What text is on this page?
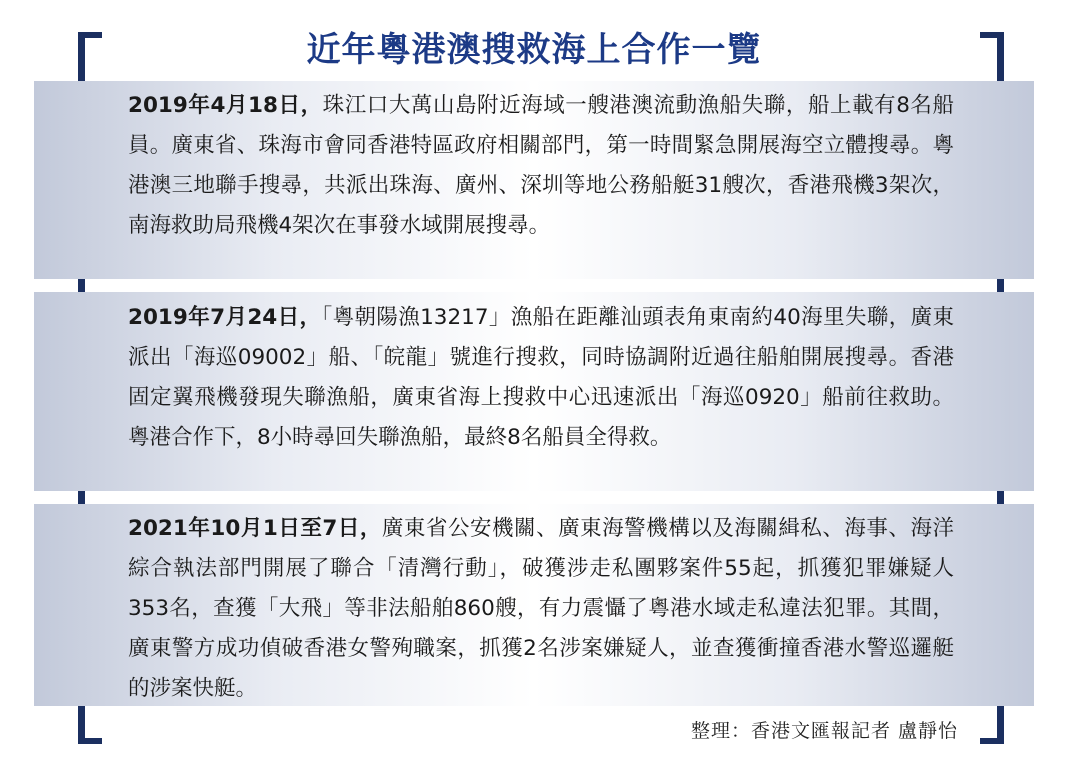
近年粵港澳搜救海上合作一覽
2019年4月18日，珠江口大萬山島附近海域一艘港澳流動漁船失聯，船上載有8名船員。廣東省、珠海市會同香港特區政府相關部門，第一時間緊急開展海空立體搜尋。粵港澳三地聯手搜尋，共派出珠海、廣州、深圳等地公務船艇31艘次，香港飛機3架次，南海救助局飛機4架次在事發水域開展搜尋。
2019年7月24日，「粵朝陽漁13217」漁船在距離汕頭表角東南約40海里失聯，廣東派出「海巡09002」船、「皖龍」號進行搜救，同時協調附近過往船舶開展搜尋。香港固定翼飛機發現失聯漁船，廣東省海上搜救中心迅速派出「海巡0920」船前往救助。粵港合作下，8小時尋回失聯漁船，最終8名船員全得救。
2021年10月1日至7日，廣東省公安機關、廣東海警機構以及海關緝私、海事、海洋綜合執法部門開展了聯合「清灣行動」，破獲涉走私團夥案件55起，抓獲犯罪嫌疑人353名，查獲「大飛」等非法船舶860艘，有力震懾了粵港水域走私違法犯罪。其間，廣東警方成功偵破香港女警殉職案，抓獲2名涉案嫌疑人，並查獲衝撞香港水警巡邏艇的涉案快艇。
整理：香港文匯報記者 盧靜怡
